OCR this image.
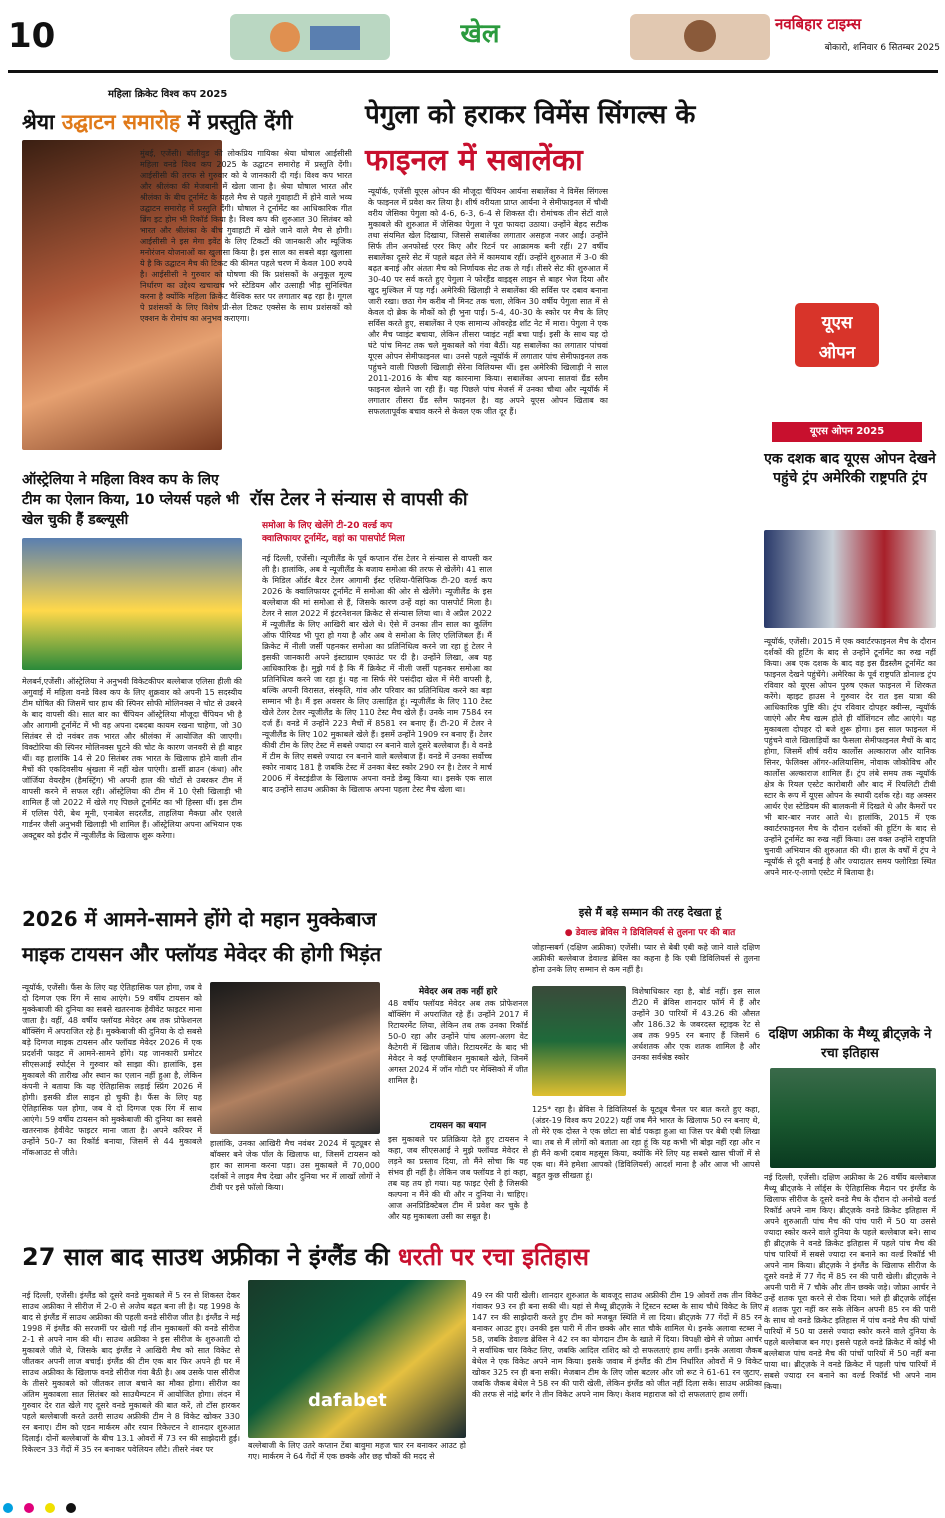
10	खेल	नवबिहार टाइम्स
बोकारो, शनिवार 6 सितम्बर 2025
महिला क्रिकेट विश्व कप 2025
श्रेया उद्घाटन समारोह में प्रस्तुति देंगी
मुंबई, एजेंसी। बॉलीवुड की लोकप्रिय गायिका श्रेया घोषाल आईसीसी महिला वनडे विश्व कप 2025 के उद्घाटन समारोह में प्रस्तुति देंगी। आईसीसी की तरफ से गुरुवार को ये जानकारी दी गई। विश्व कप भारत और श्रीलंका की मेजबानी में खेला जाना है। श्रेया घोषाल भारत और श्रीलंका के बीच टूर्नामेंट के पहले मैच से पहले गुवाहाटी में होने वाले भव्य उद्घाटन समारोह में प्रस्तुति देंगी। घोषाल ने टूर्नामेंट का आधिकारिक गीत ब्रिंग इट होम भी रिकॉर्ड किया है। विश्व कप की शुरुआत 30 सितंबर को भारत और श्रीलंका के बीच गुवाहाटी में खेले जाने वाले मैच से होगी। आईसीसी ने इस मेगा इवेंट के लिए टिकटों की जानकारी और म्यूजिक मनोरंजन योजनाओं का खुलासा किया है। इस साल का सबसे बड़ा खुलासा ये है कि उद्घाटन मैच की टिकट की कीमत पहले चरण में केवल 100 रुपये है। आईसीसी ने गुरुवार को घोषणा की कि प्रशंसकों के अनुकूल मूल्य निर्धारण का उद्देश्य खचाखच भरे स्टेडियम और उत्साही भीड़ सुनिश्चित करना है क्योंकि महिला क्रिकेट वैश्विक स्तर पर लगातार बढ़ रहा है। गूगल पे प्रशंसकों के लिए विशेष प्री-सेल टिकट एक्सेस के साथ प्रशंसकों को एक्शन के रोमांच का अनुभव कराएगा।
पेगुला को हराकर विमेंस सिंगल्स के
फाइनल में सबालेंका
न्यूयॉर्क, एजेंसी यूएस ओपन की मौजूदा चैंपियन आर्यना सबालेंका ने विमेंस सिंगल्स के फाइनल में प्रवेश कर लिया है। शीर्ष वरीयता प्राप्त आर्यना ने सेमीफाइनल में चौथी वरीय जेसिका पेगुला को 4-6, 6-3, 6-4 से शिकस्त दी। रोमांचक तीन सेटों वाले मुकाबले की शुरुआत में जेसिका पेगुला ने पूरा फायदा उठाया। उन्होंने बेहद सटीक तथा संयमित खेल दिखाया, जिससे सबालेंका लगातार असहज नजर आईं। उन्होंने सिर्फ तीन अनफोर्स्ड एरर किए और रिटर्न पर आक्रामक बनी रहीं। 27 वर्षीय सबालेंका दूसरे सेट में पहले बढ़त लेने में कामयाब रहीं। उन्होंने शुरुआत में 3-0 की बढ़त बनाई और अंततः मैच को निर्णायक सेट तक ले गईं। तीसरे सेट की शुरुआत में 30-40 पर सर्व करते हुए पेगुला ने फोरहैंड वाइड्स लाइन से बाहर भेज दिया और खुद मुश्किल में पड़ गईं। अमेरिकी खिलाड़ी ने सबालेंका की सर्विस पर दबाव बनाना जारी रखा। छठा गेम करीब नौ मिनट तक चला, लेकिन 30 वर्षीय पेगुला सात में से केवल दो ब्रेक के मौकों को ही भुना पाईं। 5-4, 40-30 के स्कोर पर मैच के लिए सर्विस करते हुए, सबालेंका ने एक सामान्य ओवरहेड शॉट नेट में मारा। पेगुला ने एक और मैच प्वाइंट बचाया, लेकिन तीसरा प्वाइंट नहीं बचा पाईं। इसी के साथ यह दो घंटे पांच मिनट तक चले मुकाबले को गंवा बैठीं। यह सबालेंका का लगातार पांचवां यूएस ओपन सेमीफाइनल था। उनसे पहले न्यूयॉर्क में लगातार पांच सेमीफाइनल तक पहुंचने वाली पिछली खिलाड़ी सेरेना विलियम्स थीं। इस अमेरिकी खिलाड़ी ने साल 2011-2016 के बीच यह कारनामा किया। सबालेंका अपना सातवां ग्रैंड स्लैम फाइनल खेलने जा रही हैं। यह पिछले पांच मेजर्स में उनका चौथा और न्यूयॉर्क में लगातार तीसरा ग्रैंड स्लैम फाइनल है। वह अपने यूएस ओपन खिताब का सफलतापूर्वक बचाव करने से केवल एक जीत दूर हैं।
यूएस
ओपन
ऑस्ट्रेलिया ने महिला विश्व कप के लिए टीम का ऐलान किया, 10 प्लेयर्स पहले भी खेल चुकी हैं डब्ल्यूसी
मेलबर्न,एजेंसी। ऑस्ट्रेलिया ने अनुभवी विकेटकीपर बल्लेबाज एलिसा हीली की अगुवाई में महिला वनडे विश्व कप के लिए शुक्रवार को अपनी 15 सदस्यीय टीम घोषित की जिसमें चार हाथ की स्पिनर सोफी मोलिनक्स ने चोट से उबरने के बाद वापसी की। सात बार का चैंपियन ऑस्ट्रेलिया मौजूदा चैंपियन भी है और आगामी टूर्नामेंट में भी वह अपना दबदबा कायम रखना चाहेगा, जो 30 सितंबर से दो नवंबर तक भारत और श्रीलंका में आयोजित की जाएगी। विक्टोरिया की स्पिनर मोलिनक्स घुटने की चोट के कारण जनवरी से ही बाहर थीं। वह हालांकि 14 से 20 सितंबर तक भारत के खिलाफ होने वाली तीन मैचों की एकदिवसीय श्रृंखला में नहीं खेल पाएंगी। डार्सी ब्राउन (कंधा) और जॉर्जिया वेयरहैम (हैमस्ट्रिंग) भी अपनी हाल की चोटों से उबरकर टीम में वापसी करने में सफल रही। ऑस्ट्रेलिया की टीम में 10 ऐसी खिलाड़ी भी शामिल हैं जो 2022 में खेले गए पिछले टूर्नामेंट का भी हिस्सा थीं। इस टीम में एलिस पेरी, बेथ मूनी, एनाबेल सदरलैंड, ताहलिया मैकग्रा और एशले गार्डनर जैसी अनुभवी खिलाड़ी भी शामिल हैं। ऑस्ट्रेलिया अपना अभियान एक अक्टूबर को इंदौर में न्यूजीलैंड के खिलाफ शुरू करेगा।
रॉस टेलर ने संन्यास से वापसी की
समोआ के लिए खेलेंगे टी-20 वर्ल्ड कप
क्वालिफायर टूर्नामेंट, वहां का पासपोर्ट मिला
नई दिल्ली, एजेंसी। न्यूजीलैंड के पूर्व कप्तान रॉस टेलर ने संन्यास से वापसी कर ली है। हालांकि, अब वे न्यूजीलैंड के बजाय समोआ की तरफ से खेलेंगे। 41 साल के मिडिल ऑर्डर बैटर टेलर आगामी ईस्ट एशिया-पैसिफिक टी-20 वर्ल्ड कप 2026 के क्वालिफायर टूर्नामेंट में समोआ की ओर से खेलेंगे। न्यूजीलैंड के इस बल्लेबाज की मां समोआ से हैं, जिसके कारण उन्हें वहां का पासपोर्ट मिला है। टेलर ने साल 2022 में इंटरनेशनल क्रिकेट से संन्यास लिया था। वे अप्रैल 2022 में न्यूजीलैंड के लिए आखिरी बार खेले थे। ऐसे में उनका तीन साल का कूलिंग ऑफ पीरियड भी पूरा हो गया है और अब वे समोआ के लिए एलिजिबल हैं। मैं क्रिकेट में नीली जर्सी पहनकर समोआ का प्रतिनिधित्व करने जा रहा हूं टेलर ने इसकी जानकारी अपने इंस्टाग्राम एकाउंट पर दी है। उन्होंने लिखा, अब यह आधिकारिक है। मुझे गर्व है कि मैं क्रिकेट में नीली जर्सी पहनकर समोआ का प्रतिनिधित्व करने जा रहा हूं। यह ना सिर्फ मेरे पसंदीदा खेल में मेरी वापसी है, बल्कि अपनी विरासत, संस्कृति, गांव और परिवार का प्रतिनिधित्व करने का बड़ा सम्मान भी है। मैं इस अवसर के लिए उत्साहित हूं। न्यूजीलैंड के लिए 110 टेस्ट खेले टेलर टेलर न्यूजीलैंड के लिए 110 टेस्ट मैच खेले हैं। उनके नाम 7584 रन दर्ज हैं। वनडे में उन्होंने 223 मैचों में 8581 रन बनाए हैं। टी-20 में टेलर ने न्यूजीलैंड के लिए 102 मुकाबले खेले हैं। इसमें उन्होंने 1909 रन बनाए हैं। टेलर कीवी टीम के लिए टेस्ट में सबसे ज्यादा रन बनाने वाले दूसरे बल्लेबाज हैं। वे वनडे में टीम के लिए सबसे ज्यादा रन बनाने वाले बल्लेबाज हैं। वनडे में उनका सर्वोच्च स्कोर नाबाद 181 है जबकि टेस्ट में उनका बेस्ट स्कोर 290 रन है। टेलर ने मार्च 2006 में वेस्टइंडीज के खिलाफ अपना वनडे डेब्यू किया था। इसके एक साल बाद उन्होंने साउथ अफ्रीका के खिलाफ अपना पहला टेस्ट मैच खेला था।
यूएस ओपन 2025
एक दशक बाद यूएस ओपन देखने पहुंचे ट्रंप अमेरिकी राष्ट्रपति ट्रंप
न्यूयॉर्क, एजेंसी। 2015 में एक क्वार्टरफाइनल मैच के दौरान दर्शकों की हूटिंग के बाद से उन्होंने टूर्नामेंट का रुख नहीं किया। अब एक दशक के बाद वह इस ग्रैंडस्लैम टूर्नामेंट का फाइनल देखने पहुंचेंगे। अमेरिका के पूर्व राष्ट्रपति डोनाल्ड ट्रंप रविवार को यूएस ओपन पुरुष एकल फाइनल में शिरकत करेंगे। व्हाइट हाउस ने गुरुवार देर रात इस यात्रा की आधिकारिक पुष्टि की। ट्रंप रविवार दोपहर क्वीन्स, न्यूयॉर्क जाएंगे और मैच खत्म होते ही वॉशिंगटन लौट आएंगे। यह मुकाबला दोपहर दो बजे शुरू होगा। इस साल फाइनल में पहुंचने वाले खिलाड़ियों का फैसला सेमीफाइनल मैचों के बाद होगा, जिसमें शीर्ष वरीय कार्लोस अल्काराज और यानिक सिनर, फेलिक्स ऑगर-अलियासिम, नोवाक जोकोविच और कार्लोस अल्काराज शामिल हैं। ट्रंप लंबे समय तक न्यूयॉर्क क्षेत्र के रियल एस्टेट कारोबारी और बाद में रियलिटी टीवी स्टार के रूप में यूएस ओपन के स्थायी दर्शक रहे। वह अक्सर आर्थर ऐश स्टेडियम की बालकनी में दिखते थे और कैमरों पर भी बार-बार नजर आते थे। हालांकि, 2015 में एक क्वार्टरफाइनल मैच के दौरान दर्शकों की हूटिंग के बाद से उन्होंने टूर्नामेंट का रुख नहीं किया। उस वक्त उन्होंने राष्ट्रपति चुनावी अभियान की शुरुआत की थी। हाल के वर्षों में ट्रंप ने न्यूयॉर्क से दूरी बनाई है और ज्यादातर समय फ्लोरिडा स्थित अपने मार-ए-लागो एस्टेट में बिताया है।
2026 में आमने-सामने होंगे दो महान मुक्केबाज
माइक टायसन और फ्लॉयड मेवेदर की होगी भिड़ंत
न्यूयॉर्क, एजेंसी। फैंस के लिए यह ऐतिहासिक पल होगा, जब वे दो दिग्गज एक रिंग में साथ आएंगे। 59 वर्षीय टायसन को मुक्केबाजी की दुनिया का सबसे खतरनाक हेवीवेट फाइटर माना जाता है। वहीं, 48 वर्षीय फ्लॉयड मेवेदर अब तक प्रोफेशनल बॉक्सिंग में अपराजित रहे हैं। मुक्केबाजी की दुनिया के दो सबसे बड़े दिग्गज माइक टायसन और फ्लॉयड मेवेदर 2026 में एक प्रदर्शनी फाइट में आमने-सामने होंगे। यह जानकारी प्रमोटर सीएसआई स्पोर्ट्स ने गुरुवार को साझा की। हालांकि, इस मुकाबले की तारीख और स्थान का एलान नहीं हुआ है, लेकिन कंपनी ने बताया कि यह ऐतिहासिक लड़ाई स्प्रिंग 2026 में होगी। इसकी डील साइन हो चुकी है। फैंस के लिए यह ऐतिहासिक पल होगा, जब वे दो दिग्गज एक रिंग में साथ आएंगे। 59 वर्षीय टायसन को मुक्केबाजी की दुनिया का सबसे खतरनाक हेवीवेट फाइटर माना जाता है। अपने करियर में उन्होंने 50-7 का रिकॉर्ड बनाया, जिसमें से 44 मुकाबले नॉकआउट से जीते।
मेवेदर अब तक नहीं हारे
48 वर्षीय फ्लॉयड मेवेदर अब तक प्रोफेशनल बॉक्सिंग में अपराजित रहे हैं। उन्होंने 2017 में रिटायरमेंट लिया, लेकिन तब तक उनका रिकॉर्ड 50-0 रहा और उन्होंने पांच अलग-अलग वेट कैटेगरी में खिताब जीते। रिटायरमेंट के बाद भी मेवेदर ने कई एग्जीबिशन मुकाबले खेले, जिनमें अगस्त 2024 में जॉन गोटी पर मेक्सिको में जीत शामिल है।
टायसन का बयान
इस मुकाबले पर प्रतिक्रिया देते हुए टायसन ने कहा, जब सीएसआई ने मुझे फ्लॉयड मेवेदर से लड़ने का प्रस्ताव दिया, तो मैंने सोचा कि यह संभव ही नहीं है। लेकिन जब फ्लॉयड ने हां कहा, तब यह तय हो गया। यह फाइट ऐसी है जिसकी कल्पना न मैंने की थी और न दुनिया ने। चाहिए। आज अनप्रिडिक्टेबल टीम में प्रवेश कर चुके है और यह मुकाबला उसी का सबूत है।
हालांकि, उनका आखिरी मैच नवंबर 2024 में यूट्यूबर से बॉक्सर बने जेक पॉल के खिलाफ था, जिसमें टायसन को हार का सामना करना पड़ा। उस मुकाबले में 70,000 दर्शकों ने लाइव मैच देखा और दुनिया भर में लाखों लोगों ने टीवी पर इसे फॉलो किया।
इसे मैं बड़े सम्मान की तरह देखता हूं
● डेवाल्ड ब्रेविस ने डिविलियर्स से तुलना पर की बात
जोहान्सबर्ग (दक्षिण अफ्रीका) एजेंसी। प्यार से बेबी एबी कहे जाने वाले दक्षिण अफ्रीकी बल्लेबाज डेवाल्ड ब्रेविस का कहना है कि एबी डिविलियर्स से तुलना होना उनके लिए सम्मान से कम नहीं है।
विशेषाधिकार रहा है, बोर्ड नहीं। इस साल टी20 में ब्रेविस शानदार फॉर्म में हैं और उन्होंने 30 पारियों में 43.26 की औसत और 186.32 के जबरदस्त स्ट्राइक रेट से अब तक 995 रन बनाए हैं जिसमें 6 अर्धशतक और एक शतक शामिल है और उनका सर्वश्रेष्ठ स्कोर
125* रहा है। ब्रेविस ने डिविलियर्स के यूट्यूब चैनल पर बात करते हुए कहा, (अंडर-19 विश्व कप 2022) यहीं जब मैंने भारत के खिलाफ 50 रन बनाए थे, तो मेरे एक दोस्त ने एक छोटा सा बोर्ड पकड़ा हुआ था जिस पर बेबी एबी लिखा था। तब से मैं लोगों को बताता आ रहा हूं कि यह कभी भी बोझ नहीं रहा और न ही मैंने कभी दबाव महसूस किया, क्योंकि मेरे लिए यह सबसे खास चीजों में से एक था। मैंने हमेशा आपको (डिविलियर्स) आदर्श माना है और आज भी आपसे बहुत कुछ सीखता हूं।
दक्षिण अफ्रीका के मैथ्यू ब्रीट्ज़के ने रचा इतिहास
नई दिल्ली, एजेंसी। दक्षिण अफ्रीका के 26 वर्षीय बल्लेबाज मैथ्यू ब्रीट्ज़के ने लॉर्ड्स के ऐतिहासिक मैदान पर इंग्लैंड के खिलाफ सीरीज के दूसरे वनडे मैच के दौरान दो अनोखे वर्ल्ड रिकॉर्ड अपने नाम किए। ब्रीट्ज़के वनडे क्रिकेट इतिहास में अपने शुरुआती पांच मैच की पांच पारी में 50 या उससे ज्यादा स्कोर करने वाले दुनिया के पहले बल्लेबाज बने। साथ ही ब्रीट्ज़के ने वनडे क्रिकेट इतिहास में पहले पांच मैच की पांच पारियों में सबसे ज्यादा रन बनाने का वर्ल्ड रिकॉर्ड भी अपने नाम किया। ब्रीट्ज़के ने इंग्लैंड के खिलाफ सीरीज के दूसरे वनडे में 77 गेंद में 85 रन की पारी खेली। ब्रीट्ज़के ने अपनी पारी में 7 चौके और तीन छक्के जड़े। जोफ्रा आर्चर ने उन्हें शतक पूरा करने से रोक दिया। भले ही ब्रीट्ज़के लॉर्ड्स में शतक पूरा नहीं कर सके लेकिन अपनी 85 रन की पारी के साथ वो वनडे क्रिकेट इतिहास में पांच वनडे मैच की पांचों पारियों में 50 या उससे ज्यादा स्कोर करने वाले दुनिया के पहले बल्लेबाज बन गए। इससे पहले वनडे क्रिकेट में कोई भी बल्लेबाज पांच वनडे मैच की पांचों पारियों में 50 नहीं बना पाया था। ब्रीट्ज़के ने वनडे क्रिकेट में पहली पांच पारियों में सबसे ज्यादा रन बनाने का वर्ल्ड रिकॉर्ड भी अपने नाम किया।
27 साल बाद साउथ अफ्रीका ने इंग्लैंड की धरती पर रचा इतिहास
नई दिल्ली, एजेंसी। इंग्लैंड को दूसरे वनडे मुकाबले में 5 रन से शिकस्त देकर साउथ अफ्रीका ने सीरीज में 2-0 से अजेय बढ़त बना ली है। यह 1998 के बाद से इंग्लैंड में साउथ अफ्रीका की पहली वनडे सीरीज जीत है। इंग्लैंड ने मई 1998 में इंग्लैंड की सरजमीं पर खेली गई तीन मुकाबलों की वनडे सीरीज 2-1 से अपने नाम की थी। साउथ अफ्रीका ने इस सीरीज के शुरुआती दो मुकाबले जीते थे, जिसके बाद इंग्लैंड ने आखिरी मैच को सात विकेट से जीतकर अपनी लाज बचाई। इंग्लैंड की टीम एक बार फिर अपने ही घर में साउथ अफ्रीका के खिलाफ वनडे सीरीज गंवा बैठी है। अब उसके पास सीरीज के तीसरे मुकाबले को जीतकर लाज बचाने का मौका होगा। सीरीज का अंतिम मुकाबला सात सितंबर को साउथैम्पटन में आयोजित होगा। लंदन में गुरुवार देर रात खेले गए दूसरे वनडे मुकाबले की बात करें, तो टॉस हारकर पहले बल्लेबाजी करते उतरी साउथ अफ्रीकी टीम ने 8 विकेट खोकर 330 रन बनाए। टीम को एडन मार्करम और रयान रिकेल्टन ने शानदार शुरुआत दिलाई। दोनों बल्लेबाजों के बीच 13.1 ओवरों में 73 रन की साझेदारी हुई। रिकेल्टन 33 गेंदों में 35 रन बनाकर पवेलियन लौटे। तीसरे नंबर पर
dafabet
बल्लेबाजी के लिए उतरे कप्तान टेंबा बावुमा महज चार रन बनाकर आउट हो गए। मार्करम ने 64 गेंदों में एक छक्के और छह चौकों की मदद से
49 रन की पारी खेली। शानदार शुरुआत के बावजूद साउथ अफ्रीकी टीम 19 ओवरों तक तीन विकेट गंवाकर 93 रन ही बना सकी थी। यहां से मैथ्यू ब्रीट्ज़के ने ट्रिस्टन स्टब्स के साथ चौथे विकेट के लिए 147 रन की साझेदारी करते हुए टीम को मजबूत स्थिति में ला दिया। ब्रीट्ज़के 77 गेंदों में 85 रन बनाकर आउट हुए। उनकी इस पारी में तीन छक्के और सात चौके शामिल थे। इनके अलावा स्टब्स ने 58, जबकि डेवाल्ड ब्रेविस ने 42 रन का योगदान टीम के खाते में दिया। विपक्षी खेमे से जोफ्रा आर्चर ने सर्वाधिक चार विकेट लिए, जबकि आदिल राशिद को दो सफलताएं हाथ लगीं। इनके अलावा जैकब बेथेल ने एक विकेट अपने नाम किया। इसके जवाब में इंग्लैंड की टीम निर्धारित ओवरों में 9 विकेट खोकर 325 रन ही बना सकी। मेजबान टीम के लिए जोस बटलर और जो रूट ने 61-61 रन जुटाए, जबकि जैकब बेथेल ने 58 रन की पारी खेली, लेकिन इंग्लैंड को जीत नहीं दिला सके। साउथ अफ्रीका की तरफ से नांद्रे बर्गर ने तीन विकेट अपने नाम किए। केशव महाराज को दो सफलताएं हाथ लगीं।
